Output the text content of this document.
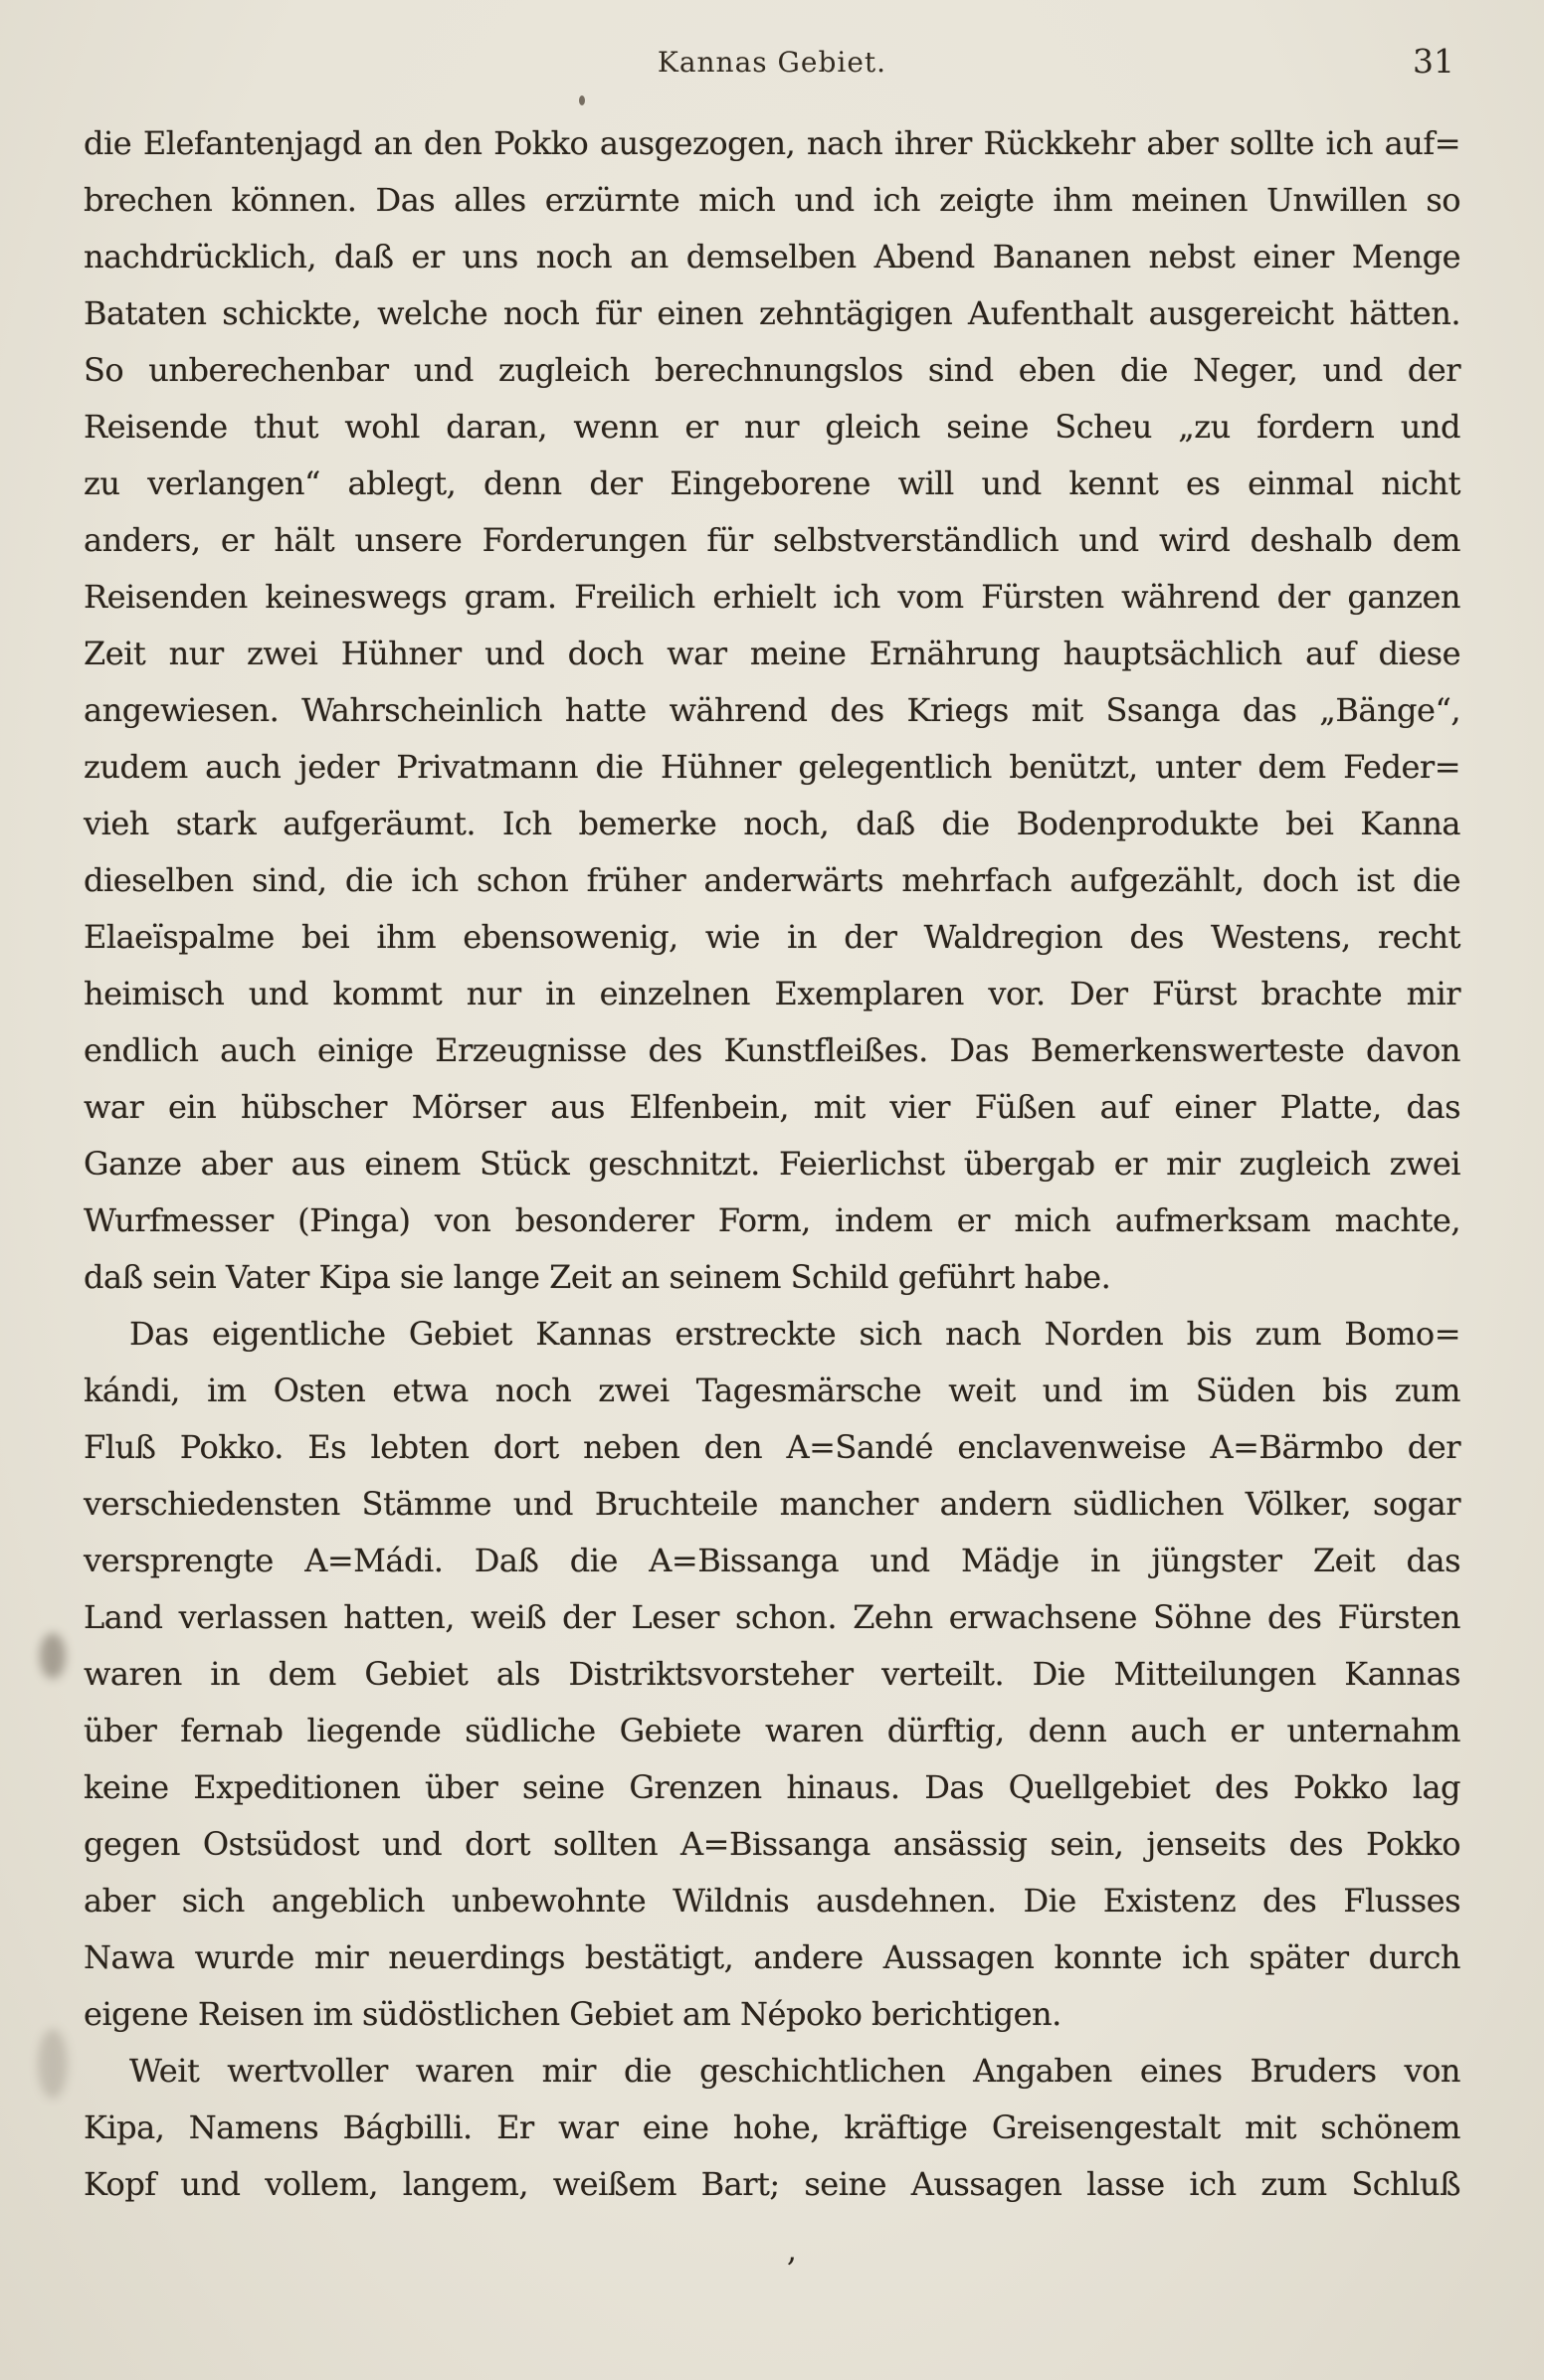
Kannas Gebiet.	31
die Elefantenjagd an den Pokko ausgezogen, nach ihrer Rückkehr aber sollte ich auf=
brechen können. Das alles erzürnte mich und ich zeigte ihm meinen Unwillen so
nachdrücklich, daß er uns noch an demselben Abend Bananen nebst einer Menge
Bataten schickte, welche noch für einen zehntägigen Aufenthalt ausgereicht hätten.
So unberechenbar und zugleich berechnungslos sind eben die Neger, und der
Reisende thut wohl daran, wenn er nur gleich seine Scheu „zu fordern und
zu verlangen“ ablegt, denn der Eingeborene will und kennt es einmal nicht
anders, er hält unsere Forderungen für selbstverständlich und wird deshalb dem
Reisenden keineswegs gram. Freilich erhielt ich vom Fürsten während der ganzen
Zeit nur zwei Hühner und doch war meine Ernährung hauptsächlich auf diese
angewiesen. Wahrscheinlich hatte während des Kriegs mit Ssanga das „Bänge“,
zudem auch jeder Privatmann die Hühner gelegentlich benützt, unter dem Feder=
vieh stark aufgeräumt. Ich bemerke noch, daß die Bodenprodukte bei Kanna
dieselben sind, die ich schon früher anderwärts mehrfach aufgezählt, doch ist die
Elaeïspalme bei ihm ebensowenig, wie in der Waldregion des Westens, recht
heimisch und kommt nur in einzelnen Exemplaren vor. Der Fürst brachte mir
endlich auch einige Erzeugnisse des Kunstfleißes. Das Bemerkenswerteste davon
war ein hübscher Mörser aus Elfenbein, mit vier Füßen auf einer Platte, das
Ganze aber aus einem Stück geschnitzt. Feierlichst übergab er mir zugleich zwei
Wurfmesser (Pinga) von besonderer Form, indem er mich aufmerksam machte,
daß sein Vater Kipa sie lange Zeit an seinem Schild geführt habe.
Das eigentliche Gebiet Kannas erstreckte sich nach Norden bis zum Bomo=
kándi, im Osten etwa noch zwei Tagesmärsche weit und im Süden bis zum
Fluß Pokko. Es lebten dort neben den A=Sandé enclavenweise A=Bärmbo der
verschiedensten Stämme und Bruchteile mancher andern südlichen Völker, sogar
versprengte A=Mádi. Daß die A=Bissanga und Mädje in jüngster Zeit das
Land verlassen hatten, weiß der Leser schon. Zehn erwachsene Söhne des Fürsten
waren in dem Gebiet als Distriktsvorsteher verteilt. Die Mitteilungen Kannas
über fernab liegende südliche Gebiete waren dürftig, denn auch er unternahm
keine Expeditionen über seine Grenzen hinaus. Das Quellgebiet des Pokko lag
gegen Ostsüdost und dort sollten A=Bissanga ansässig sein, jenseits des Pokko
aber sich angeblich unbewohnte Wildnis ausdehnen. Die Existenz des Flusses
Nawa wurde mir neuerdings bestätigt, andere Aussagen konnte ich später durch
eigene Reisen im südöstlichen Gebiet am Népoko berichtigen.
Weit wertvoller waren mir die geschichtlichen Angaben eines Bruders von
Kipa, Namens Bágbilli. Er war eine hohe, kräftige Greisengestalt mit schönem
Kopf und vollem, langem, weißem Bart; seine Aussagen lasse ich zum Schluß
,
